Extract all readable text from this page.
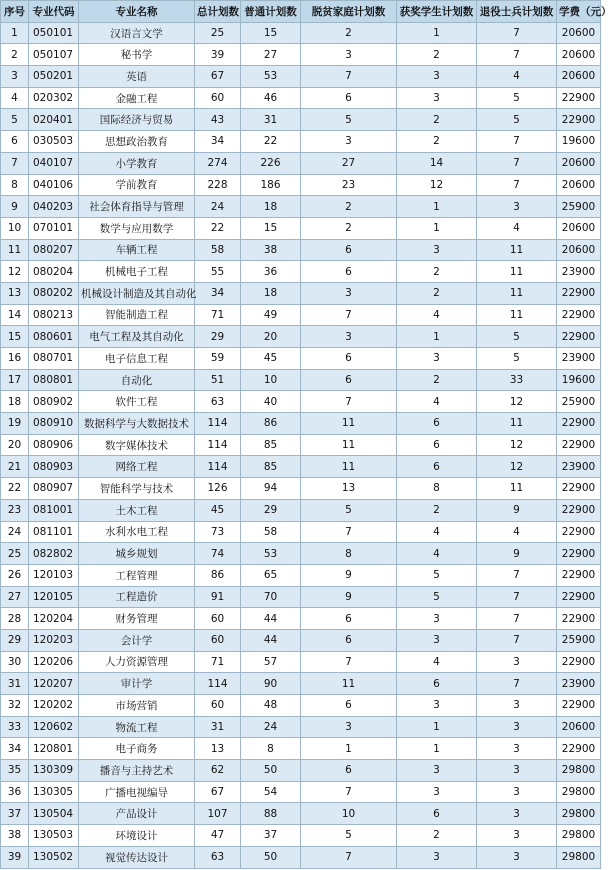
序号	专业代码	专业名称	总计划数	普通计划数	脱贫家庭计划数	获奖学生计划数	退役士兵计划数	学费（元）
1	050101	汉语言文学	25	15	2	1	7	20600
2	050107	秘书学	39	27	3	2	7	20600
3	050201	英语	67	53	7	3	4	20600
4	020302	金融工程	60	46	6	3	5	22900
5	020401	国际经济与贸易	43	31	5	2	5	22900
6	030503	思想政治教育	34	22	3	2	7	19600
7	040107	小学教育	274	226	27	14	7	20600
8	040106	学前教育	228	186	23	12	7	20600
9	040203	社会体育指导与管理	24	18	2	1	3	25900
10	070101	数学与应用数学	22	15	2	1	4	20600
11	080207	车辆工程	58	38	6	3	11	20600
12	080204	机械电子工程	55	36	6	2	11	23900
13	080202	机械设计制造及其自动化	34	18	3	2	11	22900
14	080213	智能制造工程	71	49	7	4	11	22900
15	080601	电气工程及其自动化	29	20	3	1	5	22900
16	080701	电子信息工程	59	45	6	3	5	23900
17	080801	自动化	51	10	6	2	33	19600
18	080902	软件工程	63	40	7	4	12	25900
19	080910	数据科学与大数据技术	114	86	11	6	11	22900
20	080906	数字媒体技术	114	85	11	6	12	22900
21	080903	网络工程	114	85	11	6	12	23900
22	080907	智能科学与技术	126	94	13	8	11	22900
23	081001	土木工程	45	29	5	2	9	22900
24	081101	水利水电工程	73	58	7	4	4	22900
25	082802	城乡规划	74	53	8	4	9	22900
26	120103	工程管理	86	65	9	5	7	22900
27	120105	工程造价	91	70	9	5	7	22900
28	120204	财务管理	60	44	6	3	7	22900
29	120203	会计学	60	44	6	3	7	25900
30	120206	人力资源管理	71	57	7	4	3	22900
31	120207	审计学	114	90	11	6	7	23900
32	120202	市场营销	60	48	6	3	3	22900
33	120602	物流工程	31	24	3	1	3	20600
34	120801	电子商务	13	8	1	1	3	22900
35	130309	播音与主持艺术	62	50	6	3	3	29800
36	130305	广播电视编导	67	54	7	3	3	29800
37	130504	产品设计	107	88	10	6	3	29800
38	130503	环境设计	47	37	5	2	3	29800
39	130502	视觉传达设计	63	50	7	3	3	29800
